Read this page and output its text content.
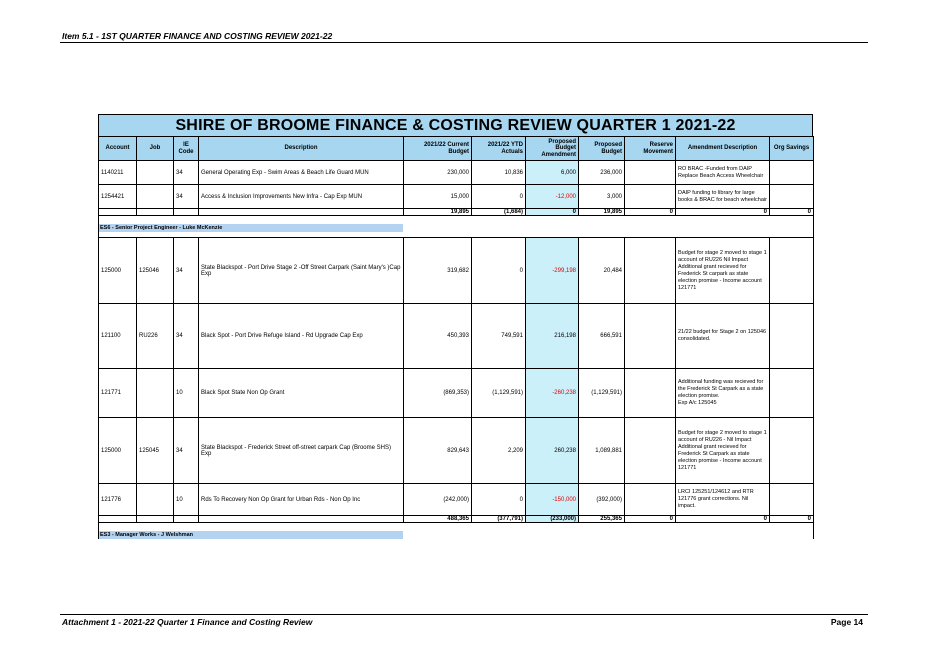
Item 5.1 - 1ST QUARTER FINANCE AND COSTING REVIEW 2021-22
SHIRE OF BROOME FINANCE & COSTING REVIEW QUARTER 1 2021-22
Account	Job	IE Code	Description	2021/22 Current Budget	2021/22 YTD Actuals	Proposed Budget Amendment	Proposed Budget	Reserve Movement	Amendment Description	Org Savings
1140211		34	General Operating Exp - Swim Areas & Beach Life Guard MUN	230,000	10,836	6,000	236,000		RO BRAC -Funded from DAIP Replace Beach Access Wheelchair	
1254421		34	Access & Inclusion Improvements New Infra - Cap Exp MUN	15,000	0	-12,000	3,000		DAIP funding to library for large books & BRAC for beach wheelchair	
				19,895	(1,684)	0	19,895	0	0	0

ES6 - Senior Project Engineer - Luke McKenzie										

125000	125046	34	State Blackspot - Port Drive Stage 2 -Off Street Carpark (Saint Mary's )Cap Exp	319,682	0	-299,198	20,484		Budget for stage 2 moved to stage 1 account of RU226 Nil Impact
Additional grant recieved for Frederick St carpark as state election promise - Income account 121771	
121100	RU226	34	Black Spot - Port Drive Refuge Island - Rd Upgrade Cap Exp	450,393	749,591	216,198	666,591		21/22 budget for Stage 2 on 125046 consolidated.	
121771		10	Black Spot State Non Op Grant	(869,353)	(1,129,591)	-260,238	(1,129,591)		Additional funding was recieved for the Frederick St Carpark as a state election promise.
Exp A/c 125045	
125000	125045	34	State Blackspot - Frederick Street off-street carpark Cap (Broome SHS) Exp	829,643	2,209	260,238	1,089,881		Budget for stage 2 moved to stage 1 account of RU226 - Nil Impact
Additional grant recieved for Frederick St Carpark as state election promise - Income account 121771	
121776		10	Rds To Recovery Non Op Grant for Urban Rds - Non Op Inc	(242,000)	0	-150,000	(392,000)		LRCI 125251/124612 and RTR 121776 grant corrections. Nil impact.	
				488,365	(377,791)	(233,000)	255,365	0	0	0

ES3 - Manager Works - J Welshman										
Attachment 1 - 2021-22 Quarter 1 Finance and Costing Review	Page 14
